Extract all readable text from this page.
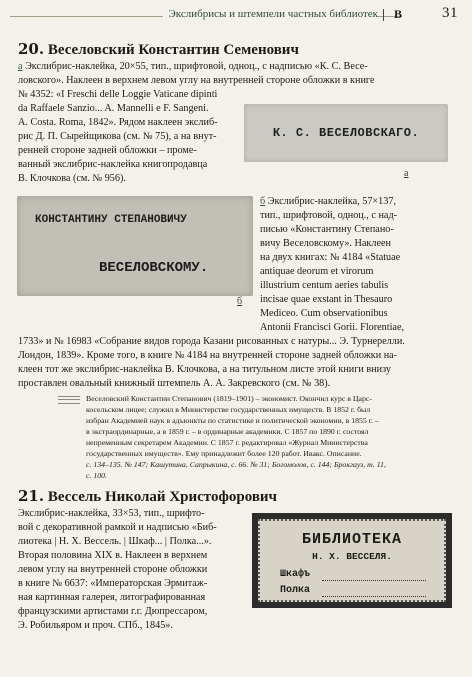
Экслибрисы и штемпели частных библиотек В	31
20. Веселовский Константин Семенович

а Экслибрис-наклейка, 20×55, тип., шрифтовой, одноц., с надписью «К. С. Весе-

ловского». Наклеен в верхнем левом углу на внутренней стороне обложки в книге

№ 4352: «I Freschi delle Loggie Vaticane dipinti

da Raffaele Sanzio... A. Mannelli e F. Sangeni.

A. Costa. Roma, 1842». Рядом наклеен экслиб-

рис Д. П. Сырейщикова (см. № 75), а на внут-

ренней стороне задней обложки – проме-

ванный экслибрис-наклейка книгопродавца

В. Клочкова (см. № 956).

К. С. ВЕСЕЛОВСКАГО.
а
КОНСТАНТИНУ СТЕПАНОВИЧУ
ВЕСЕЛОВСКОМУ.
б

б Экслибрис-наклейка, 57×137,

тип., шрифтовой, одноц., с над-

писью «Константину Степано-

вичу Веселовскому». Наклеен

на двух книгах: № 4184 «Statuae

antiquae deorum et virorum

illustrium centum aeries tabulis

incisae quae exstant in Thesauro

Mediceo. Cum observationibus

Antonii Francisci Gorii. Florentiae,

1733» и № 16983 «Собрание видов города Казани рисованных с натуры... Э. Турнерелли.

Лондон, 1839». Кроме того, в книге № 4184 на внутренней стороне задней обложки на-

клеен тот же экслибрис-наклейка В. Клочкова, а на титульном листе этой книги внизу

проставлен овальный книжный штемпель А. А. Закревского (см. № 38).

Веселовский Константин Степанович (1819–1901) – экономист. Окончил курс в Царс-

косельском лицее; служил в Министерстве государственных имуществ. В 1852 г. был

избран Академией наук в адъюнкты по статистике и политической экономии, в 1855 г. –

в экстраординарные, а в 1859 г. – в ординарные академики. С 1857 по 1890 г. состоял

непременным секретарем Академии. С 1857 г. редактировал «Журнал Министерства

государственных имуществ». Ему принадлежит более 120 работ. Ивакс. Описание.

с. 134–135. № 147; Кашутина, Сапрыкина, с. 66. № 31; Богомолов, с. 144; Брокгауз, т. 11,

с. 100.

21. Вессель Николай Христофорович

Экслибрис-наклейка, 33×53, тип., шрифто-

вой с декоративной рамкой и надписью «Биб-

лиотека | Н. Х. Вессель. | Шкаф... | Полка...».

Вторая половина XIX в. Наклеен в верхнем

левом углу на внутренней стороне обложки

в книге № 6637: «Императорская Эрмитаж-

ная картинная галерея, литографированная

французскими артистами г.г. Дюпрессаром,

Э. Робильяром и проч. СПб., 1845».

БИБЛИОТЕКА
Н. Х. ВЕССЕЛЯ.
Шкафъ
Полка
